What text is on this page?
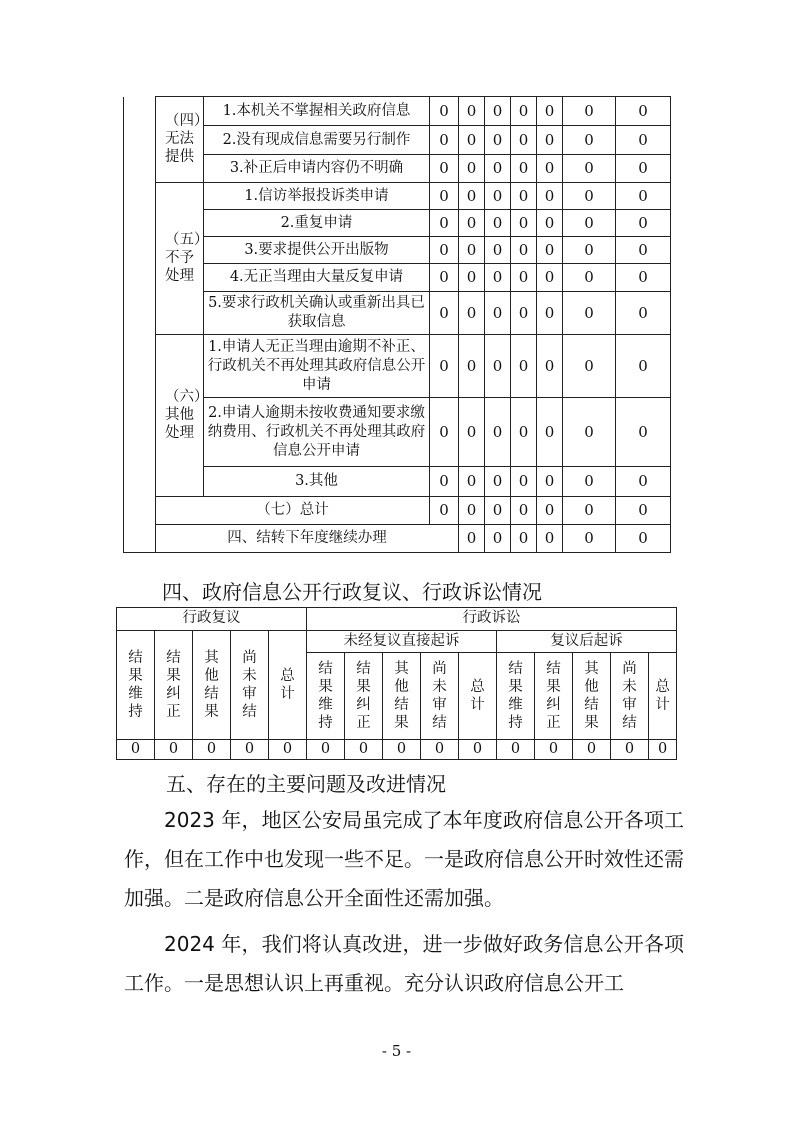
	（四）无法提供	1.本机关不掌握相关政府信息	0	0	0	0	0	0	0	
		2.没有现成信息需要另行制作	0	0	0	0	0	0	0	
		3.补正后申请内容仍不明确	0	0	0	0	0	0	0	
	（五）不予处理	1.信访举报投诉类申请	0	0	0	0	0	0	0	
		2.重复申请	0	0	0	0	0	0	0	
		3.要求提供公开出版物	0	0	0	0	0	0	0	
		4.无正当理由大量反复申请	0	0	0	0	0	0	0	
		5.要求行政机关确认或重新出具已获取信息	0	0	0	0	0	0	0	
	（六）其他处理	1.申请人无正当理由逾期不补正、行政机关不再处理其政府信息公开申请	0	0	0	0	0	0	0	
		2.申请人逾期未按收费通知要求缴纳费用、行政机关不再处理其政府信息公开申请	0	0	0	0	0	0	0	
		3.其他	0	0	0	0	0	0	0	
	（七）总计		0	0	0	0	0	0	0	
	四、结转下年度继续办理			0	0	0	0	0	0	
四、政府信息公开行政复议、行政诉讼情况
行政复议					行政诉讼									
结果维持	结果纠正	其他结果	尚未审结	总计	未经复议直接起诉					复议后起诉				
					结果维持	结果纠正	其他结果	尚未审结	总计	结果维持	结果纠正	其他结果	尚未审结	总计
0	0	0	0	0	0	0	0	0	0	0	0	0	0	0
五、存在的主要问题及改进情况

2023 年，地区公安局虽完成了本年度政府信息公开各项工作，但在工作中也发现一些不足。一是政府信息公开时效性还需加强。二是政府信息公开全面性还需加强。

2024 年，我们将认真改进，进一步做好政务信息公开各项工作。一是思想认识上再重视。充分认识政府信息公开工

- 5 -
